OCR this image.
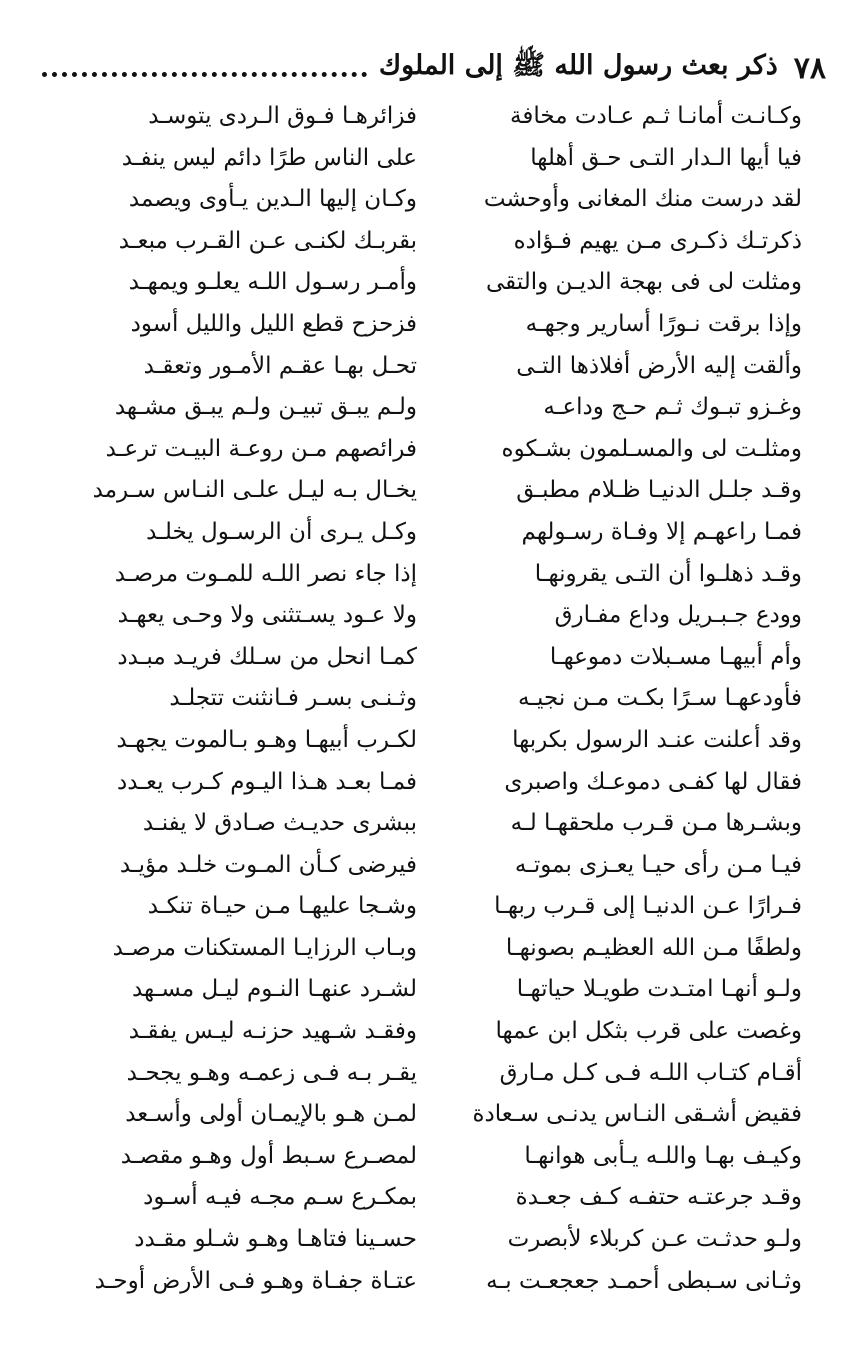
٧٨
ذكر بعث رسول الله ﷺ إلى الملوك
وكـانـت أمانـا ثـم عـادت مخافة
فزائرهـا فـوق الـردى يتوسـد
فيا أيها الـدار التـى حـق أهلها
على الناس طرًا دائم ليس ينفـد
لقد درست منك المغانى وأوحشت
وكـان إليها الـدين يـأوى ويصمد
ذكرتـك ذكـرى مـن يهيم فـؤاده
بقربـك لكنـى عـن القـرب مبعـد
ومثلت لى فى بهجة الديـن والتقى
وأمـر رسـول اللـه يعلـو ويمهـد
وإذا برقت نـورًا أسارير وجهـه
فزحزح قطع الليل والليل أسود
وألقت إليه الأرض أفلاذها التـى
تحـل بهـا عقـم الأمـور وتعقـد
وغـزو تبـوك ثـم حـج وداعـه
ولـم يبـق تبيـن ولـم يبـق مشـهد
ومثلـت لى والمسـلمون بشـكوه
فرائصهم مـن روعـة البيـت ترعـد
وقـد جلـل الدنيـا ظـلام مطبـق
يخـال بـه ليـل علـى النـاس سـرمد
فمـا راعهـم إلا وفـاة رسـولهم
وكـل يـرى أن الرسـول يخلـد
وقـد ذهلـوا أن التـى يقرونهـا
إذا جاء نصر اللـه للمـوت مرصـد
وودع جـبـريل وداع مفـارق
ولا عـود يسـتثنى ولا وحـى يعهـد
وأم أبيهـا مسـبلات دموعهـا
كمـا انحل من سـلك فريـد مبـدد
فأودعهـا سـرًا بكـت مـن نجيـه
وثـنـى بسـر فـانثنت تتجلـد
وقد أعلنت عنـد الرسول بكربها
لكـرب أبيهـا وهـو بـالموت يجهـد
فقال لها كفـى دموعـك واصبرى
فمـا بعـد هـذا اليـوم كـرب يعـدد
وبشـرها مـن قـرب ملحقهـا لـه
ببشرى حديـث صـادق لا يفنـد
فيـا مـن رأى حيـا يعـزى بموتـه
فيرضى كـأن المـوت خلـد مؤيـد
فـرارًا عـن الدنيـا إلى قـرب ربهـا
وشـجا عليهـا مـن حيـاة تنكـد
ولطفًا مـن الله العظيـم بصونهـا
وبـاب الرزايـا المستكنات مرصـد
ولـو أنهـا امتـدت طويـلا حياتهـا
لشـرد عنهـا النـوم ليـل مسـهد
وغصت على قرب بثكل ابن عمها
وفقـد شـهيد حزنـه ليـس يفقـد
أقـام كتـاب اللـه فـى كـل مـارق
يقـر بـه فـى زعمـه وهـو يجحـد
فقيض أشـقى النـاس يدنـى سـعادة
لمـن هـو بالإيمـان أولى وأسـعد
وكيـف بهـا واللـه يـأبى هوانهـا
لمصـرع سـبط أول وهـو مقصـد
وقـد جرعتـه حتفـه كـف جعـدة
بمكـرع سـم مجـه فيـه أسـود
ولـو حدثـت عـن كربلاء لأبصرت
حسـينا فتاهـا وهـو شـلو مقـدد
وثـانى سـبطى أحمـد جعجعـت بـه
عتـاة جفـاة وهـو فـى الأرض أوحـد
